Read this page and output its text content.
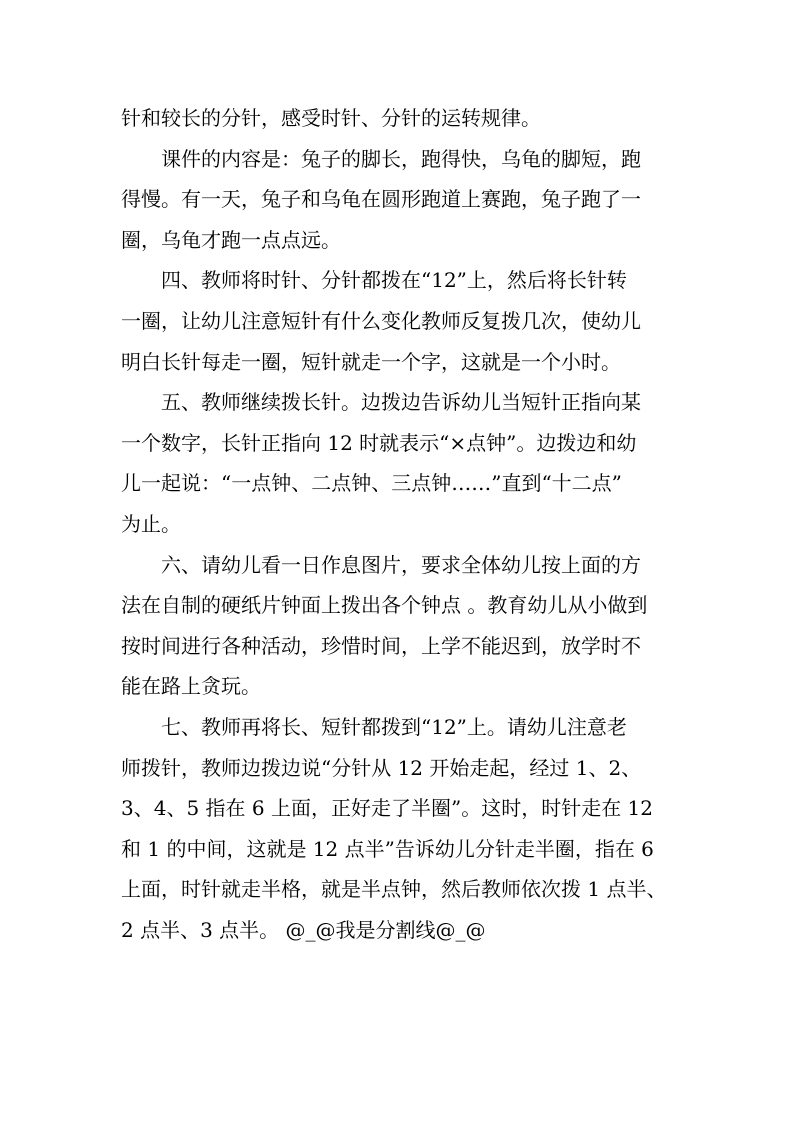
针和较长的分针，感受时针、分针的运转规律。
课件的内容是：兔子的脚长，跑得快，乌龟的脚短，跑
得慢。有一天，兔子和乌龟在圆形跑道上赛跑，兔子跑了一
圈，乌龟才跑一点点远。
四、教师将时针、分针都拨在“12”上，然后将长针转
一圈，让幼儿注意短针有什么变化教师反复拨几次，使幼儿
明白长针每走一圈，短针就走一个字，这就是一个小时。
五、教师继续拨长针。边拨边告诉幼儿当短针正指向某
一个数字，长针正指向 12 时就表示“×点钟”。边拨边和幼
儿一起说：“一点钟、二点钟、三点钟……”直到“十二点”
为止。
六、请幼儿看一日作息图片，要求全体幼儿按上面的方
法在自制的硬纸片钟面上拨出各个钟点 。教育幼儿从小做到
按时间进行各种活动，珍惜时间，上学不能迟到，放学时不
能在路上贪玩。
七、教师再将长、短针都拨到“12”上。请幼儿注意老
师拨针，教师边拨边说“分针从 12 开始走起，经过 1、2、
3、4、5 指在 6 上面，正好走了半圈”。这时，时针走在 12
和 1 的中间，这就是 12 点半”告诉幼儿分针走半圈，指在 6
上面，时针就走半格，就是半点钟，然后教师依次拨 1 点半、
2 点半、3 点半。 @_@我是分割线@_@
